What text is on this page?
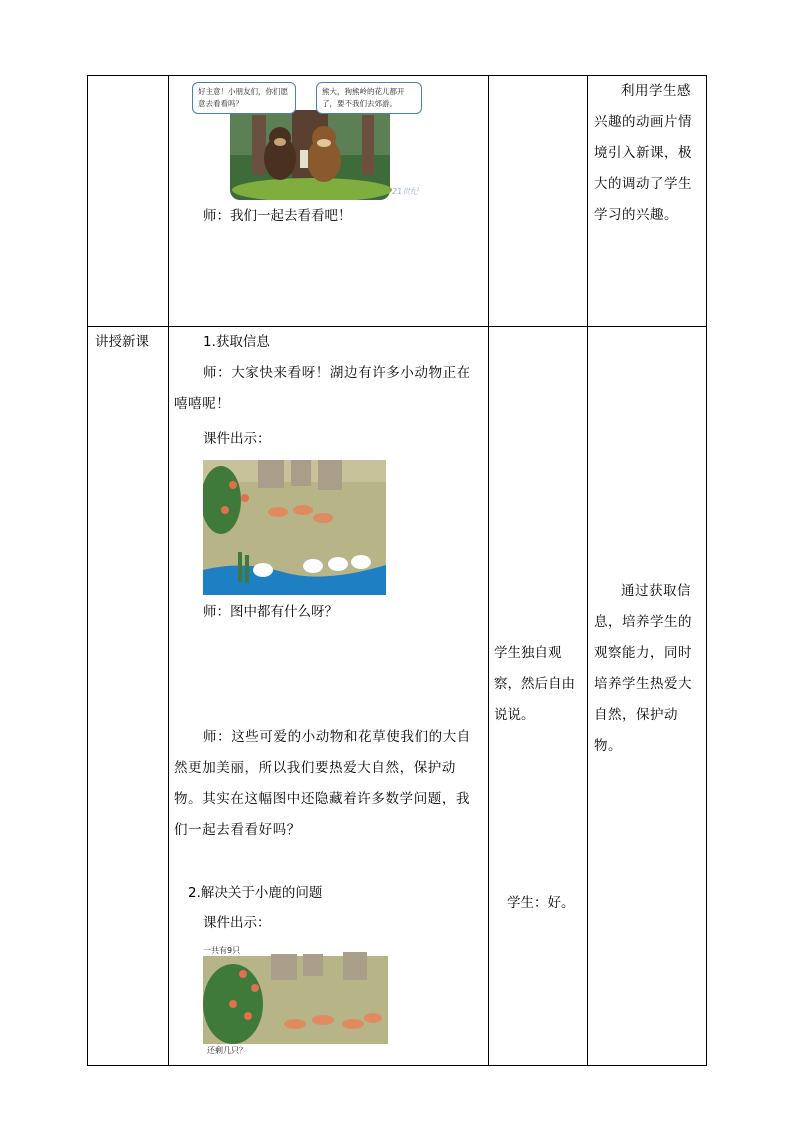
好主意！小朋友们，你们愿意去看看吗？
熊大，狗熊岭的花儿都开了，要不我们去郊游。
21世纪
师：我们一起去看看吧！
利用学生感兴趣的动画片情境引入新课，极大的调动了学生学习的兴趣。
讲授新课	1.获取信息
师：大家快来看呀！湖边有许多小动物正在嘻嘻呢！
课件出示：
师：图中都有什么呀？
师：这些可爱的小动物和花草使我们的大自然更加美丽，所以我们要热爱大自然，保护动物。其实在这幅图中还隐藏着许多数学问题，我们一起去看看好吗？
2.解决关于小鹿的问题
课件出示：
一共有9只
还剩几只？
学生独自观察，然后自由说说。
学生：好。
通过获取信息，培养学生的观察能力，同时培养学生热爱大自然，保护动物。
